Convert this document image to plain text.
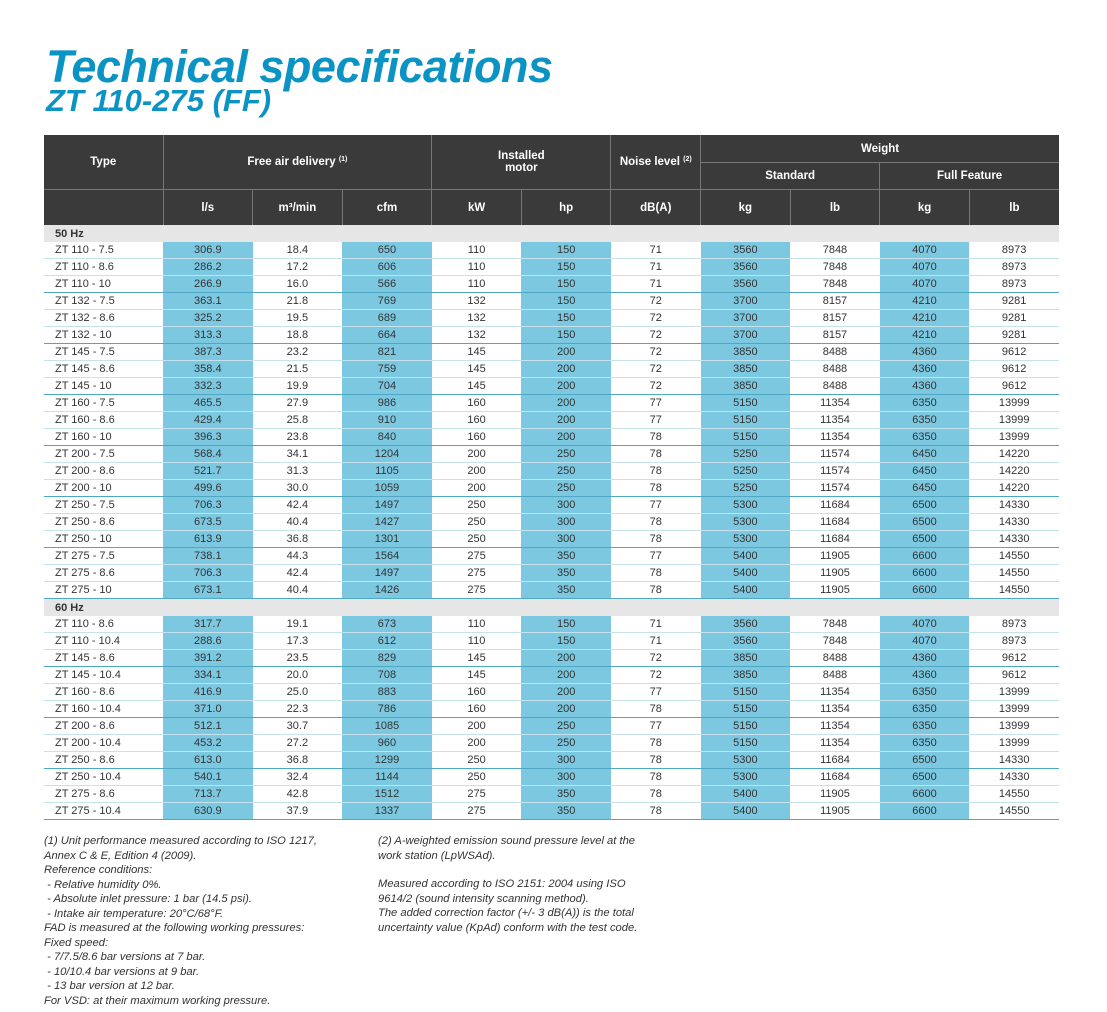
Technical specifications
ZT 110-275 (FF)
Type	Free air delivery $^{(1)}$			Installed
motor		Noise level $^{(2)}$	Weight			
							Standard		Full Feature	
	l/s	m³/min	cfm	kW	hp	dB(A)	kg	lb	kg	lb
50 Hz										
ZT 110 - 7.5	306.9	18.4	650	110	150	71	3560	7848	4070	8973
ZT 110 - 8.6	286.2	17.2	606	110	150	71	3560	7848	4070	8973
ZT 110 - 10	266.9	16.0	566	110	150	71	3560	7848	4070	8973
ZT 132 - 7.5	363.1	21.8	769	132	150	72	3700	8157	4210	9281
ZT 132 - 8.6	325.2	19.5	689	132	150	72	3700	8157	4210	9281
ZT 132 - 10	313.3	18.8	664	132	150	72	3700	8157	4210	9281
ZT 145 - 7.5	387.3	23.2	821	145	200	72	3850	8488	4360	9612
ZT 145 - 8.6	358.4	21.5	759	145	200	72	3850	8488	4360	9612
ZT 145 - 10	332.3	19.9	704	145	200	72	3850	8488	4360	9612
ZT 160 - 7.5	465.5	27.9	986	160	200	77	5150	11354	6350	13999
ZT 160 - 8.6	429.4	25.8	910	160	200	77	5150	11354	6350	13999
ZT 160 - 10	396.3	23.8	840	160	200	78	5150	11354	6350	13999
ZT 200 - 7.5	568.4	34.1	1204	200	250	78	5250	11574	6450	14220
ZT 200 - 8.6	521.7	31.3	1105	200	250	78	5250	11574	6450	14220
ZT 200 - 10	499.6	30.0	1059	200	250	78	5250	11574	6450	14220
ZT 250 - 7.5	706.3	42.4	1497	250	300	77	5300	11684	6500	14330
ZT 250 - 8.6	673.5	40.4	1427	250	300	78	5300	11684	6500	14330
ZT 250 - 10	613.9	36.8	1301	250	300	78	5300	11684	6500	14330
ZT 275 - 7.5	738.1	44.3	1564	275	350	77	5400	11905	6600	14550
ZT 275 - 8.6	706.3	42.4	1497	275	350	78	5400	11905	6600	14550
ZT 275 - 10	673.1	40.4	1426	275	350	78	5400	11905	6600	14550
60 Hz										
ZT 110 - 8.6	317.7	19.1	673	110	150	71	3560	7848	4070	8973
ZT 110 - 10.4	288.6	17.3	612	110	150	71	3560	7848	4070	8973
ZT 145 - 8.6	391.2	23.5	829	145	200	72	3850	8488	4360	9612
ZT 145 - 10.4	334.1	20.0	708	145	200	72	3850	8488	4360	9612
ZT 160 - 8.6	416.9	25.0	883	160	200	77	5150	11354	6350	13999
ZT 160 - 10.4	371.0	22.3	786	160	200	78	5150	11354	6350	13999
ZT 200 - 8.6	512.1	30.7	1085	200	250	77	5150	11354	6350	13999
ZT 200 - 10.4	453.2	27.2	960	200	250	78	5150	11354	6350	13999
ZT 250 - 8.6	613.0	36.8	1299	250	300	78	5300	11684	6500	14330
ZT 250 - 10.4	540.1	32.4	1144	250	300	78	5300	11684	6500	14330
ZT 275 - 8.6	713.7	42.8	1512	275	350	78	5400	11905	6600	14550
ZT 275 - 10.4	630.9	37.9	1337	275	350	78	5400	11905	6600	14550
(1) Unit performance measured according to ISO 1217,
Annex C & E, Edition 4 (2009).
Reference conditions:
- Relative humidity 0%.
- Absolute inlet pressure: 1 bar (14.5 psi).
- Intake air temperature: 20°C/68°F.
FAD is measured at the following working pressures:
Fixed speed:
- 7/7.5/8.6 bar versions at 7 bar.
- 10/10.4 bar versions at 9 bar.
- 13 bar version at 12 bar.
For VSD: at their maximum working pressure.
(2) A-weighted emission sound pressure level at the
work station (LpWSAd).
Measured according to ISO 2151: 2004 using ISO
9614/2 (sound intensity scanning method).
The added correction factor (+/- 3 dB(A)) is the total
uncertainty value (KpAd) conform with the test code.
